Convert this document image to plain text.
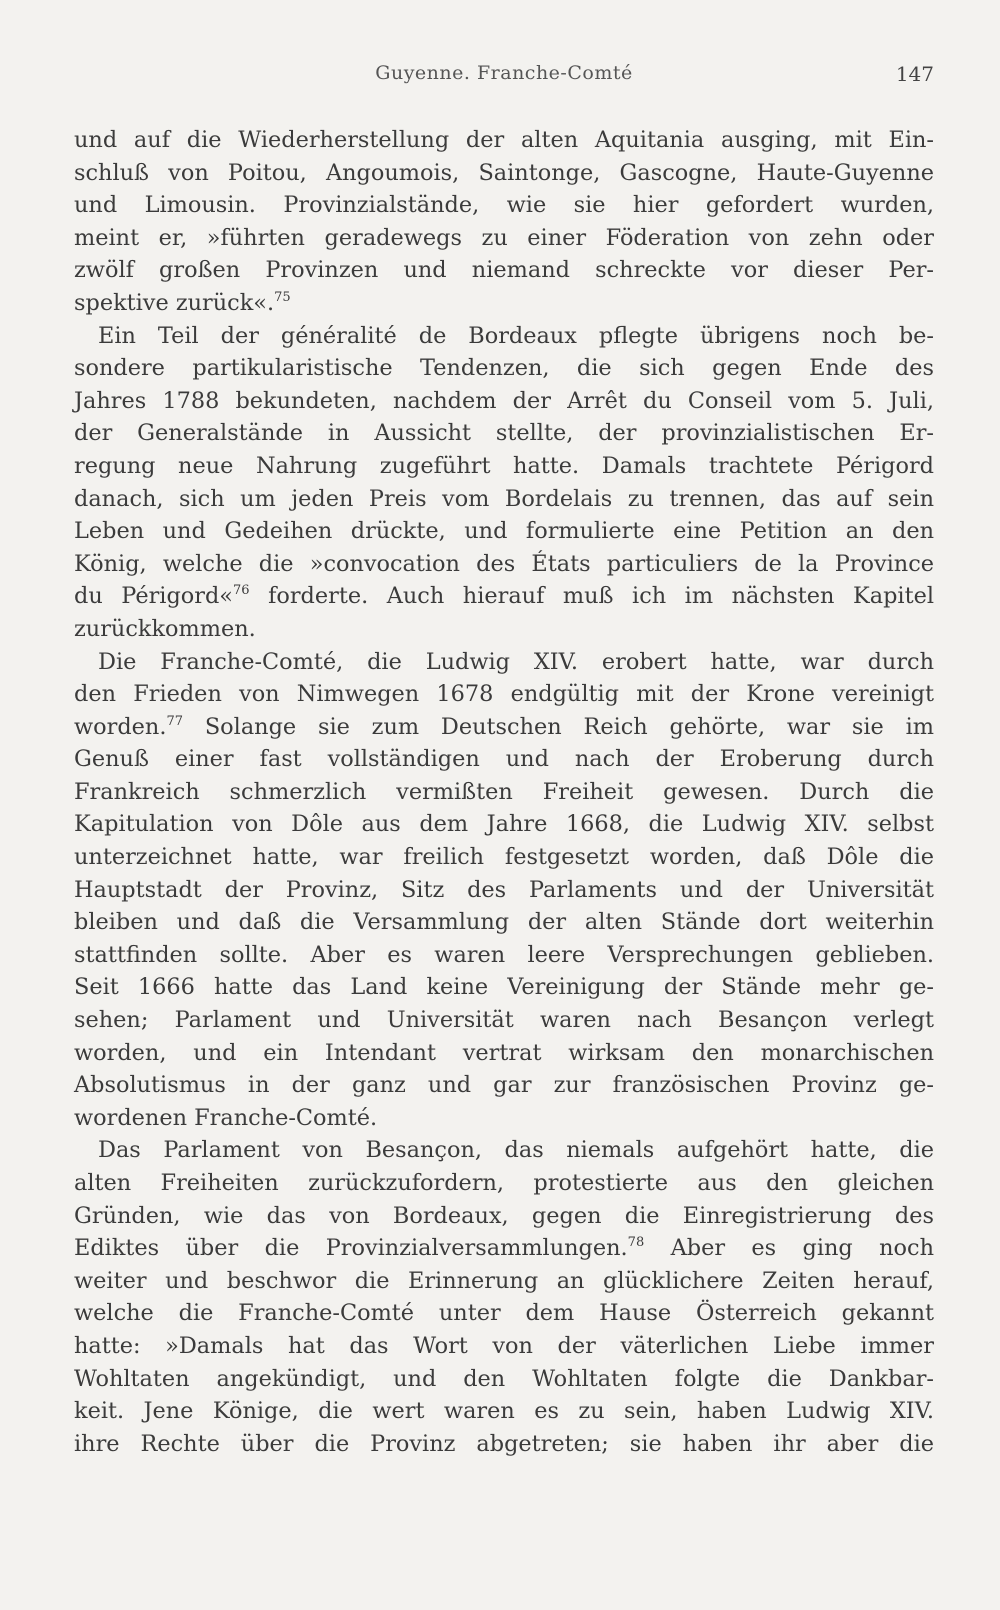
Guyenne. Franche-Comté	147
und auf die Wiederherstellung der alten Aquitania ausging, mit Ein-
schluß von Poitou, Angoumois, Saintonge, Gascogne, Haute-Guyenne
und Limousin. Provinzialstände, wie sie hier gefordert wurden,
meint er, »führten geradewegs zu einer Föderation von zehn oder
zwölf großen Provinzen und niemand schreckte vor dieser Per-
spektive zurück«.$^{75}$
Ein Teil der généralité de Bordeaux pflegte übrigens noch be-
sondere partikularistische Tendenzen, die sich gegen Ende des
Jahres 1788 bekundeten, nachdem der Arrêt du Conseil vom 5. Juli,
der Generalstände in Aussicht stellte, der provinzialistischen Er-
regung neue Nahrung zugeführt hatte. Damals trachtete Périgord
danach, sich um jeden Preis vom Bordelais zu trennen, das auf sein
Leben und Gedeihen drückte, und formulierte eine Petition an den
König, welche die »convocation des États particuliers de la Province
du Périgord«$^{76}$ forderte. Auch hierauf muß ich im nächsten Kapitel
zurückkommen.
Die Franche-Comté, die Ludwig XIV. erobert hatte, war durch
den Frieden von Nimwegen 1678 endgültig mit der Krone vereinigt
worden.$^{77}$ Solange sie zum Deutschen Reich gehörte, war sie im
Genuß einer fast vollständigen und nach der Eroberung durch
Frankreich schmerzlich vermißten Freiheit gewesen. Durch die
Kapitulation von Dôle aus dem Jahre 1668, die Ludwig XIV. selbst
unterzeichnet hatte, war freilich festgesetzt worden, daß Dôle die
Hauptstadt der Provinz, Sitz des Parlaments und der Universität
bleiben und daß die Versammlung der alten Stände dort weiterhin
stattfinden sollte. Aber es waren leere Versprechungen geblieben.
Seit 1666 hatte das Land keine Vereinigung der Stände mehr ge-
sehen; Parlament und Universität waren nach Besançon verlegt
worden, und ein Intendant vertrat wirksam den monarchischen
Absolutismus in der ganz und gar zur französischen Provinz ge-
wordenen Franche-Comté.
Das Parlament von Besançon, das niemals aufgehört hatte, die
alten Freiheiten zurückzufordern, protestierte aus den gleichen
Gründen, wie das von Bordeaux, gegen die Einregistrierung des
Ediktes über die Provinzialversammlungen.$^{78}$ Aber es ging noch
weiter und beschwor die Erinnerung an glücklichere Zeiten herauf,
welche die Franche-Comté unter dem Hause Österreich gekannt
hatte: »Damals hat das Wort von der väterlichen Liebe immer
Wohltaten angekündigt, und den Wohltaten folgte die Dankbar-
keit. Jene Könige, die wert waren es zu sein, haben Ludwig XIV.
ihre Rechte über die Provinz abgetreten; sie haben ihr aber die
